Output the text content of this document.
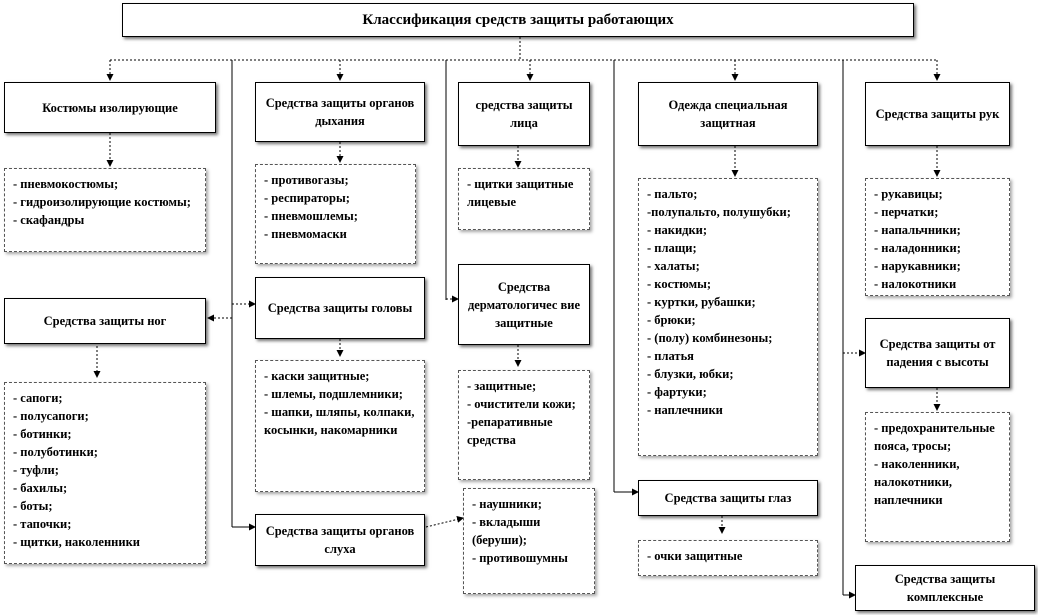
Классификация средств защиты работающих
Костюмы изолирующие	Средства защиты органов дыхания
средства защиты лица
Одежда специальная защитная
Средства защиты рук
- пневмокостюмы;
- гидроизолирующие костюмы;
- скафандры
- противогазы;
- респираторы;
- пневмошлемы;
- пневмомаски
- щитки защитные лицевые
- пальто;
-полупальто, полушубки;
- накидки;
- плащи;
- халаты;
- костюмы;
- куртки, рубашки;
- брюки;
- (полу) комбинезоны;
- платья
- блузки, юбки;
- фартуки;
- наплечники
- рукавицы;
- перчатки;
- напальчники;
- наладонники;
- нарукавники;
- налокотники
Средства защиты ног
Средства защиты головы
Средства дерматологичес вие защитные
Средства защиты от падения с высоты
- сапоги;
- полусапоги;
- ботинки;
- полуботинки;
- туфли;
- бахилы;
- боты;
- тапочки;
- щитки, наколенники
- каски защитные;
- шлемы, подшлемники;
- шапки, шляпы, колпаки, косынки, накомарники
- защитные;
- очистители кожи;
-репаративные средства
- предохранительные пояса, тросы;
- наколенники, налокотники, наплечники
Средства защиты глаз
Средства защиты органов слуха
Средства защиты комплексные
- очки защитные
- наушники;
- вкладыши (беруши);
- противошумны
